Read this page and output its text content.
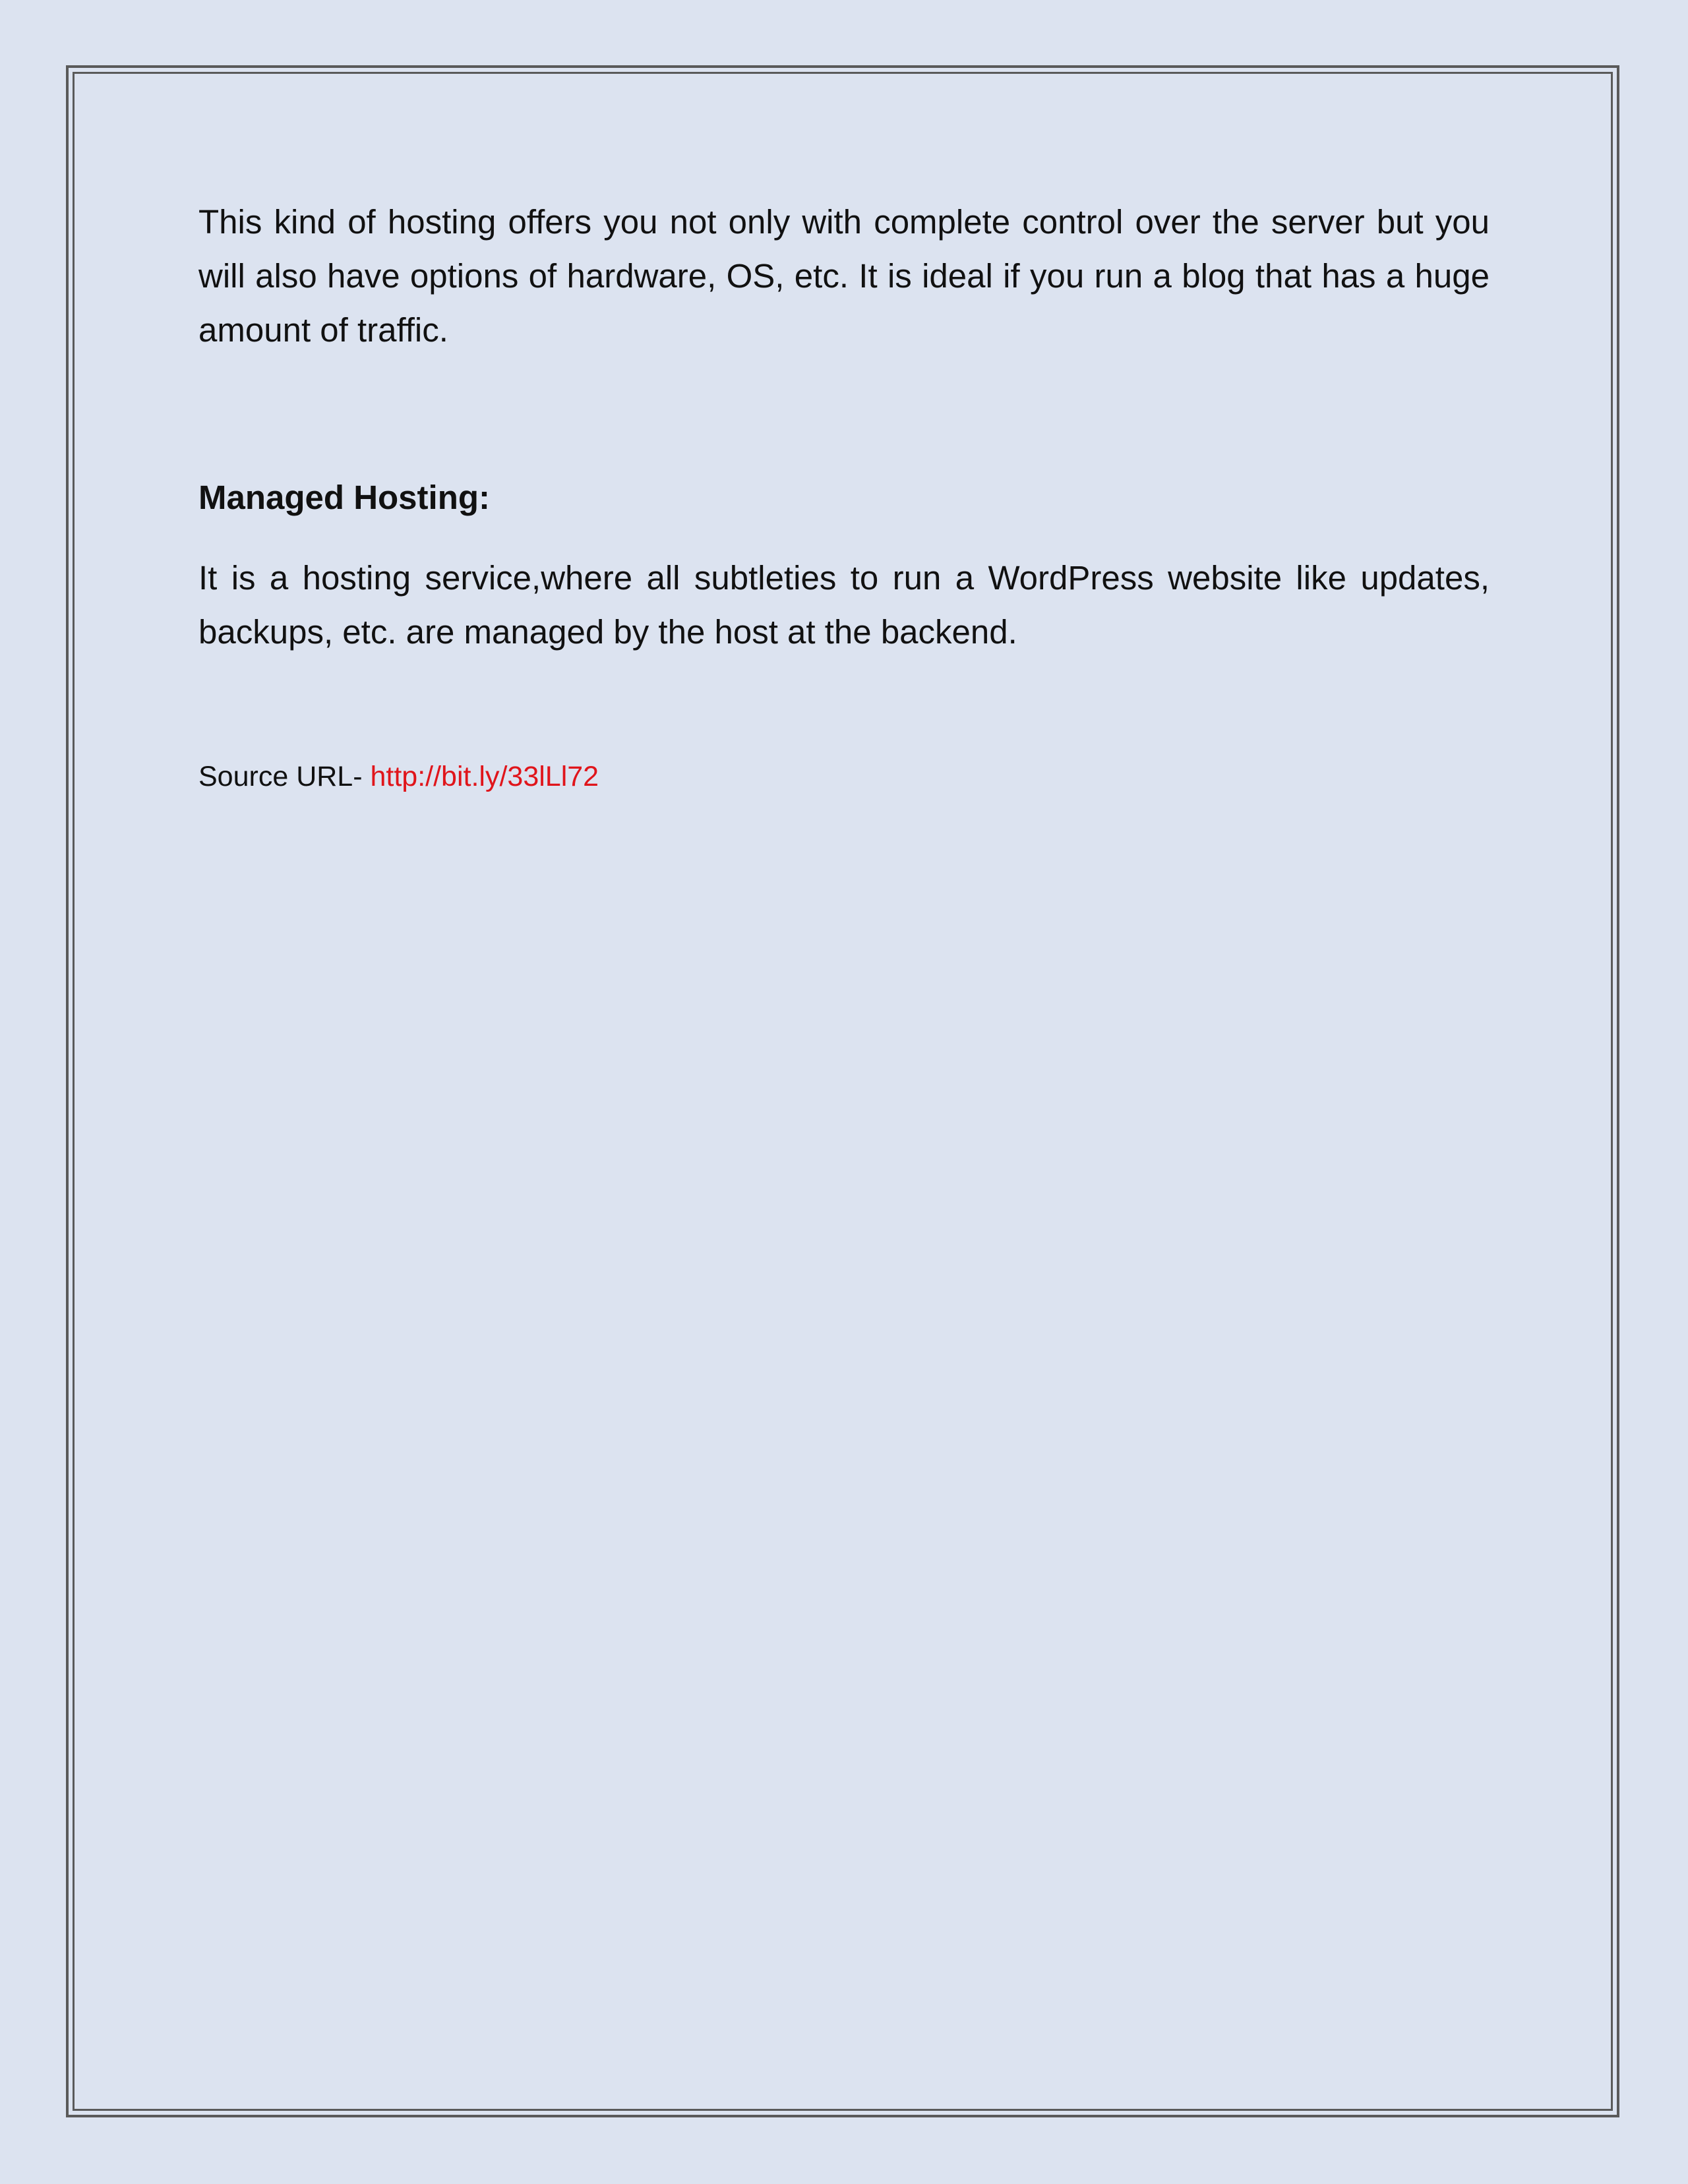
This kind of hosting offers you not only with complete control over the server but you will also have options of hardware, OS, etc. It is ideal if you run a blog that has a huge amount of traffic.

Managed Hosting:

It is a hosting service,where all subtleties to run a WordPress website like updates, backups, etc. are managed by the host at the backend.

Source URL- http://bit.ly/33lLl72
